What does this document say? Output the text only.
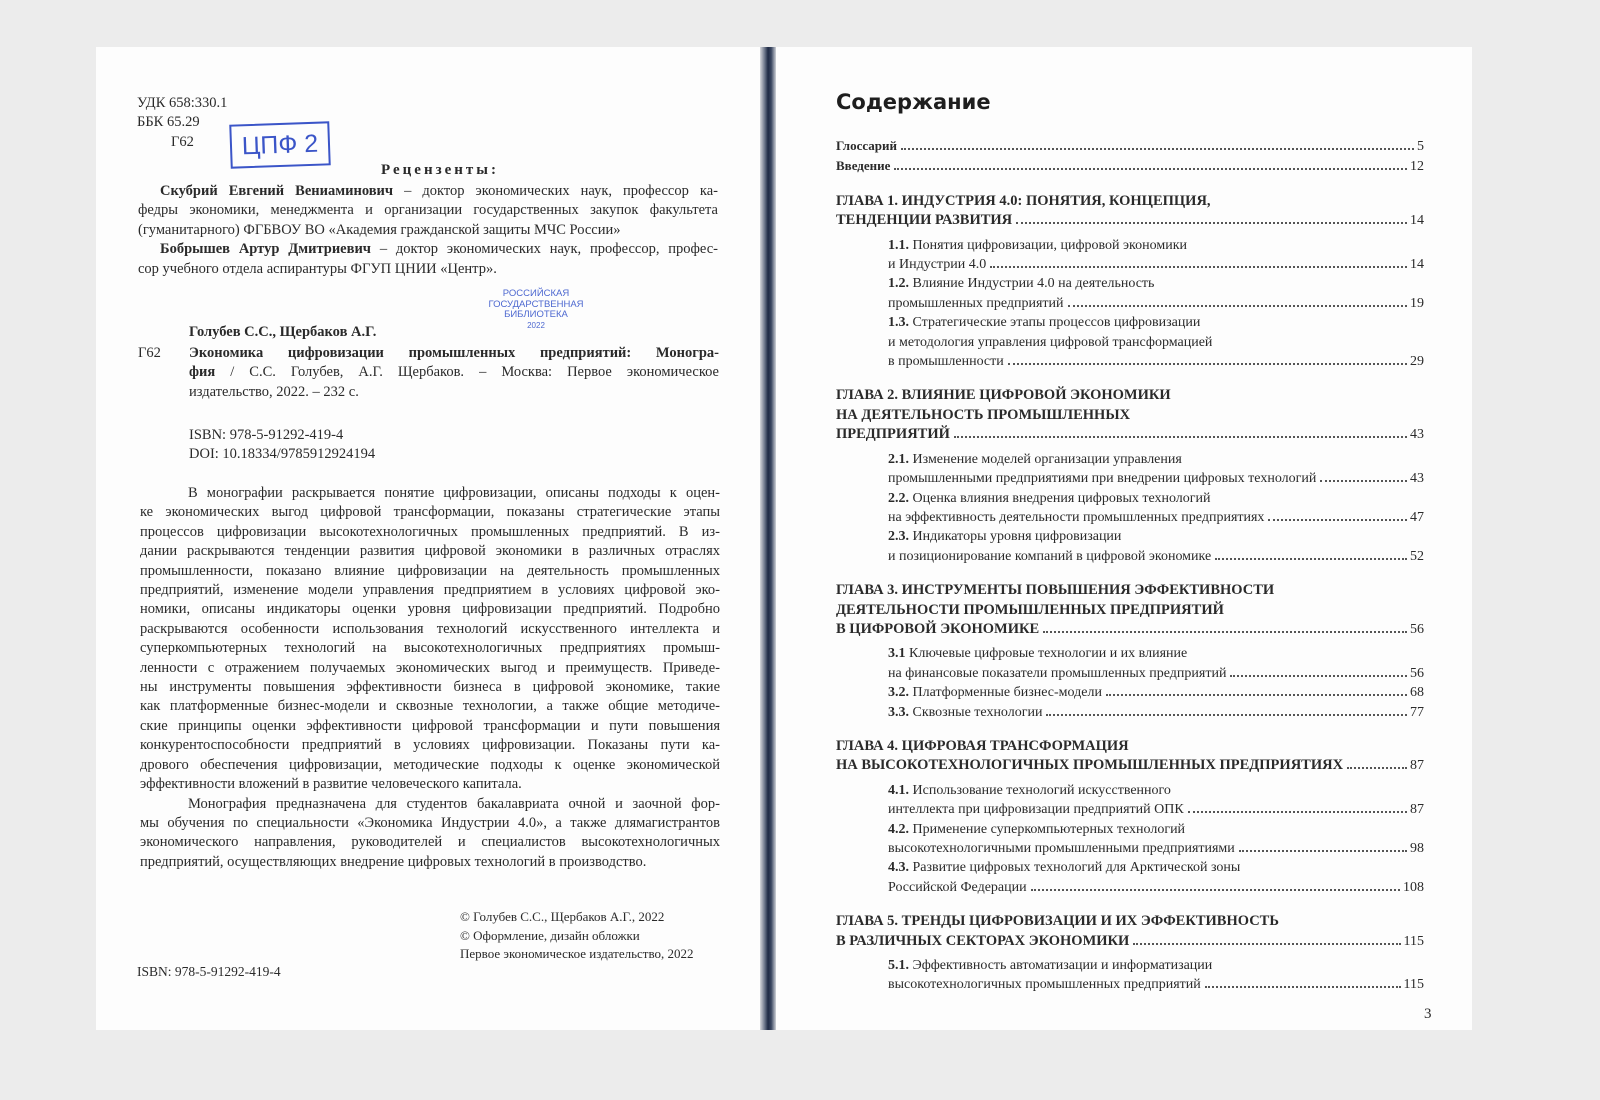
УДК 658:330.1
ББК 65.29
Г62	ЦПФ 2
Рецензенты:
Скубрий Евгений Вениаминович – доктор экономических наук, профессор ка-
федры экономики, менеджмента и организации государственных закупок факультета
(гуманитарного) ФГБВОУ ВО «Академия гражданской защиты МЧС России»
Бобрышев Артур Дмитриевич – доктор экономических наук, профессор, профес-
сор учебного отдела аспирантуры ФГУП ЦНИИ «Центр».
РОССИЙСКАЯ
ГОСУДАРСТВЕННАЯ
БИБЛИОТЕКА
2022
Голубев С.С., Щербаков А.Г.
Г62 Экономика цифровизации промышленных предприятий: Моногра-
фия / С.С. Голубев, А.Г. Щербаков. – Москва: Первое экономическое
издательство, 2022. – 232 с.
ISBN: 978-5-91292-419-4
DOI: 10.18334/9785912924194
В монографии раскрывается понятие цифровизации, описаны подходы к оцен-
ке экономических выгод цифровой трансформации, показаны стратегические этапы
процессов цифровизации высокотехнологичных промышленных предприятий. В из-
дании раскрываются тенденции развития цифровой экономики в различных отраслях
промышленности, показано влияние цифровизации на деятельность промышленных
предприятий, изменение модели управления предприятием в условиях цифровой эко-
номики, описаны индикаторы оценки уровня цифровизации предприятий. Подробно
раскрываются особенности использования технологий искусственного интеллекта и
суперкомпьютерных технологий на высокотехнологичных предприятиях промыш-
ленности с отражением получаемых экономических выгод и преимуществ. Приведе-
ны инструменты повышения эффективности бизнеса в цифровой экономике, такие
как платформенные бизнес-модели и сквозные технологии, а также общие методиче-
ские принципы оценки эффективности цифровой трансформации и пути повышения
конкурентоспособности предприятий в условиях цифровизации. Показаны пути ка-
дрового обеспечения цифровизации, методические подходы к оценке экономической
эффективности вложений в развитие человеческого капитала.
Монография предназначена для студентов бакалавриата очной и заочной фор-
мы обучения по специальности «Экономика Индустрии 4.0», а также длямагистрантов
экономического направления, руководителей и специалистов высокотехнологичных
предприятий, осуществляющих внедрение цифровых технологий в производство.
© Голубев С.С., Щербаков А.Г., 2022
© Оформление, дизайн обложки
Первое экономическое издательство, 2022
ISBN: 978-5-91292-419-4
Содержание
Глоссарий	5
Введение	12
ГЛАВА 1. ИНДУСТРИЯ 4.0: ПОНЯТИЯ, КОНЦЕПЦИЯ,
ТЕНДЕНЦИИ РАЗВИТИЯ	14
1.1. Понятия цифровизации, цифровой экономики
и Индустрии 4.0	14
1.2. Влияние Индустрии 4.0 на деятельность
промышленных предприятий	19
1.3. Стратегические этапы процессов цифровизации
и методология управления цифровой трансформацией
в промышленности	29
ГЛАВА 2. ВЛИЯНИЕ ЦИФРОВОЙ ЭКОНОМИКИ
НА ДЕЯТЕЛЬНОСТЬ ПРОМЫШЛЕННЫХ
ПРЕДПРИЯТИЙ	43
2.1. Изменение моделей организации управления
промышленными предприятиями при внедрении цифровых технологий	43
2.2. Оценка влияния внедрения цифровых технологий
на эффективность деятельности промышленных предприятиях	47
2.3. Индикаторы уровня цифровизации
и позиционирование компаний в цифровой экономике	52
ГЛАВА 3. ИНСТРУМЕНТЫ ПОВЫШЕНИЯ ЭФФЕКТИВНОСТИ
ДЕЯТЕЛЬНОСТИ ПРОМЫШЛЕННЫХ ПРЕДПРИЯТИЙ
В ЦИФРОВОЙ ЭКОНОМИКЕ	56
3.1 Ключевые цифровые технологии и их влияние
на финансовые показатели промышленных предприятий	56
3.2. Платформенные бизнес-модели	68
3.3. Сквозные технологии	77
ГЛАВА 4. ЦИФРОВАЯ ТРАНСФОРМАЦИЯ
НА ВЫСОКОТЕХНОЛОГИЧНЫХ ПРОМЫШЛЕННЫХ ПРЕДПРИЯТИЯХ	87
4.1. Использование технологий искусственного
интеллекта при цифровизации предприятий ОПК	87
4.2. Применение суперкомпьютерных технологий
высокотехнологичными промышленными предприятиями	98
4.3. Развитие цифровых технологий для Арктической зоны
Российской Федерации	108
ГЛАВА 5. ТРЕНДЫ ЦИФРОВИЗАЦИИ И ИХ ЭФФЕКТИВНОСТЬ
В РАЗЛИЧНЫХ СЕКТОРАХ ЭКОНОМИКИ	115
5.1. Эффективность автоматизации и информатизации
высокотехнологичных промышленных предприятий	115
3
